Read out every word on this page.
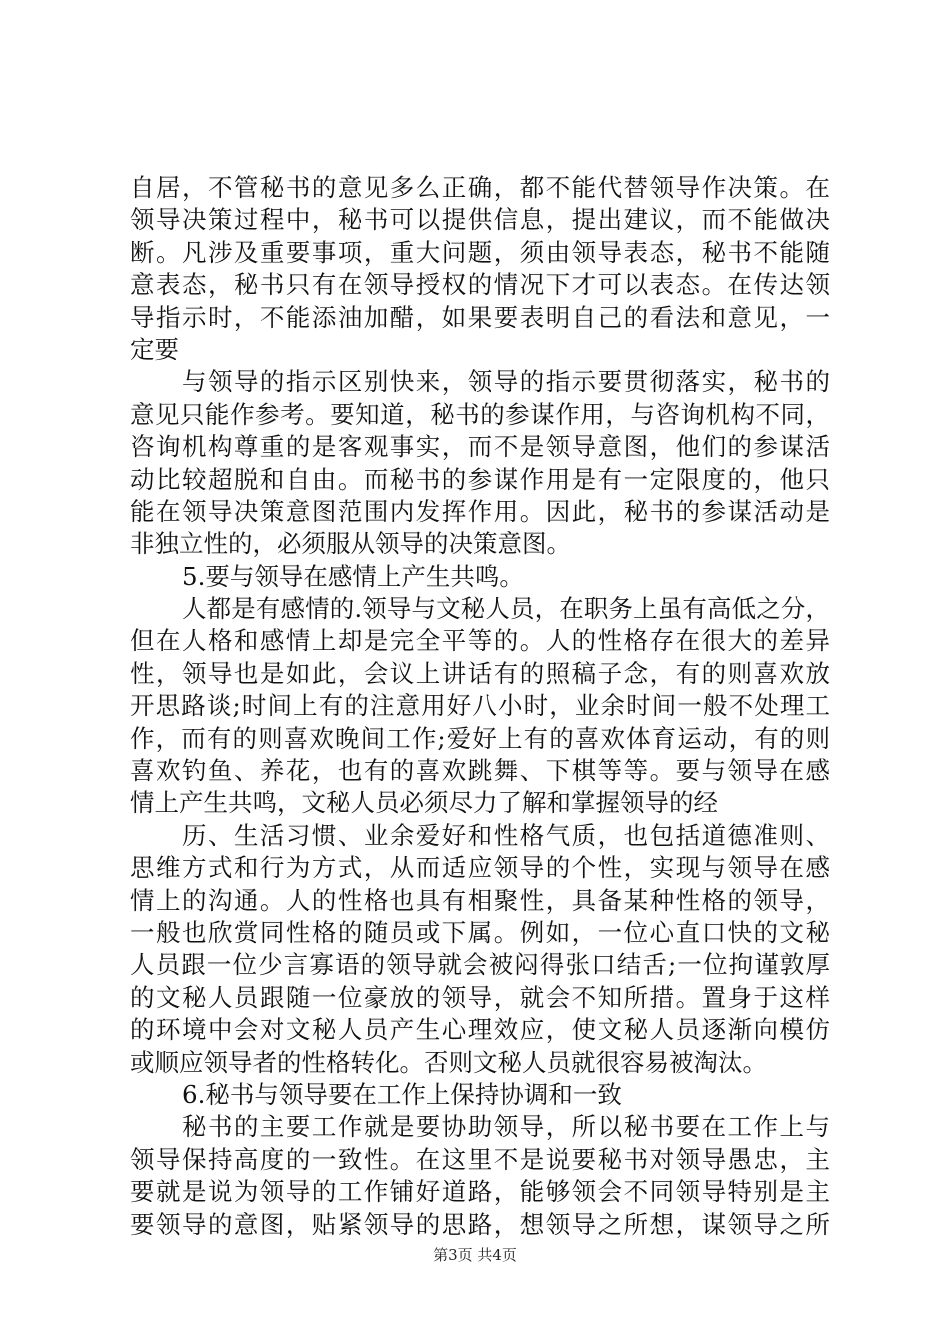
自居，不管秘书的意见多么正确，都不能代替领导作决策。在
领导决策过程中，秘书可以提供信息，提出建议，而不能做决
断。凡涉及重要事项，重大问题，须由领导表态，秘书不能随
意表态，秘书只有在领导授权的情况下才可以表态。在传达领
导指示时，不能添油加醋，如果要表明自己的看法和意见，一
定要
与领导的指示区别快来，领导的指示要贯彻落实，秘书的
意见只能作参考。要知道，秘书的参谋作用，与咨询机构不同，
咨询机构尊重的是客观事实，而不是领导意图，他们的参谋活
动比较超脱和自由。而秘书的参谋作用是有一定限度的，他只
能在领导决策意图范围内发挥作用。因此，秘书的参谋活动是
非独立性的，必须服从领导的决策意图。
5.要与领导在感情上产生共鸣。
人都是有感情的.领导与文秘人员，在职务上虽有高低之分，
但在人格和感情上却是完全平等的。人的性格存在很大的差异
性，领导也是如此，会议上讲话有的照稿子念，有的则喜欢放
开思路谈;时间上有的注意用好八小时，业余时间一般不处理工
作，而有的则喜欢晚间工作;爱好上有的喜欢体育运动，有的则
喜欢钓鱼、养花，也有的喜欢跳舞、下棋等等。要与领导在感
情上产生共鸣，文秘人员必须尽力了解和掌握领导的经
历、生活习惯、业余爱好和性格气质，也包括道德准则、
思维方式和行为方式，从而适应领导的个性，实现与领导在感
情上的沟通。人的性格也具有相聚性，具备某种性格的领导，
一般也欣赏同性格的随员或下属。例如，一位心直口快的文秘
人员跟一位少言寡语的领导就会被闷得张口结舌;一位拘谨敦厚
的文秘人员跟随一位豪放的领导，就会不知所措。置身于这样
的环境中会对文秘人员产生心理效应，使文秘人员逐渐向模仿
或顺应领导者的性格转化。否则文秘人员就很容易被淘汰。
6.秘书与领导要在工作上保持协调和一致
秘书的主要工作就是要协助领导，所以秘书要在工作上与
领导保持高度的一致性。在这里不是说要秘书对领导愚忠，主
要就是说为领导的工作铺好道路，能够领会不同领导特别是主
要领导的意图，贴紧领导的思路，想领导之所想，谋领导之所
第3页 共4页
